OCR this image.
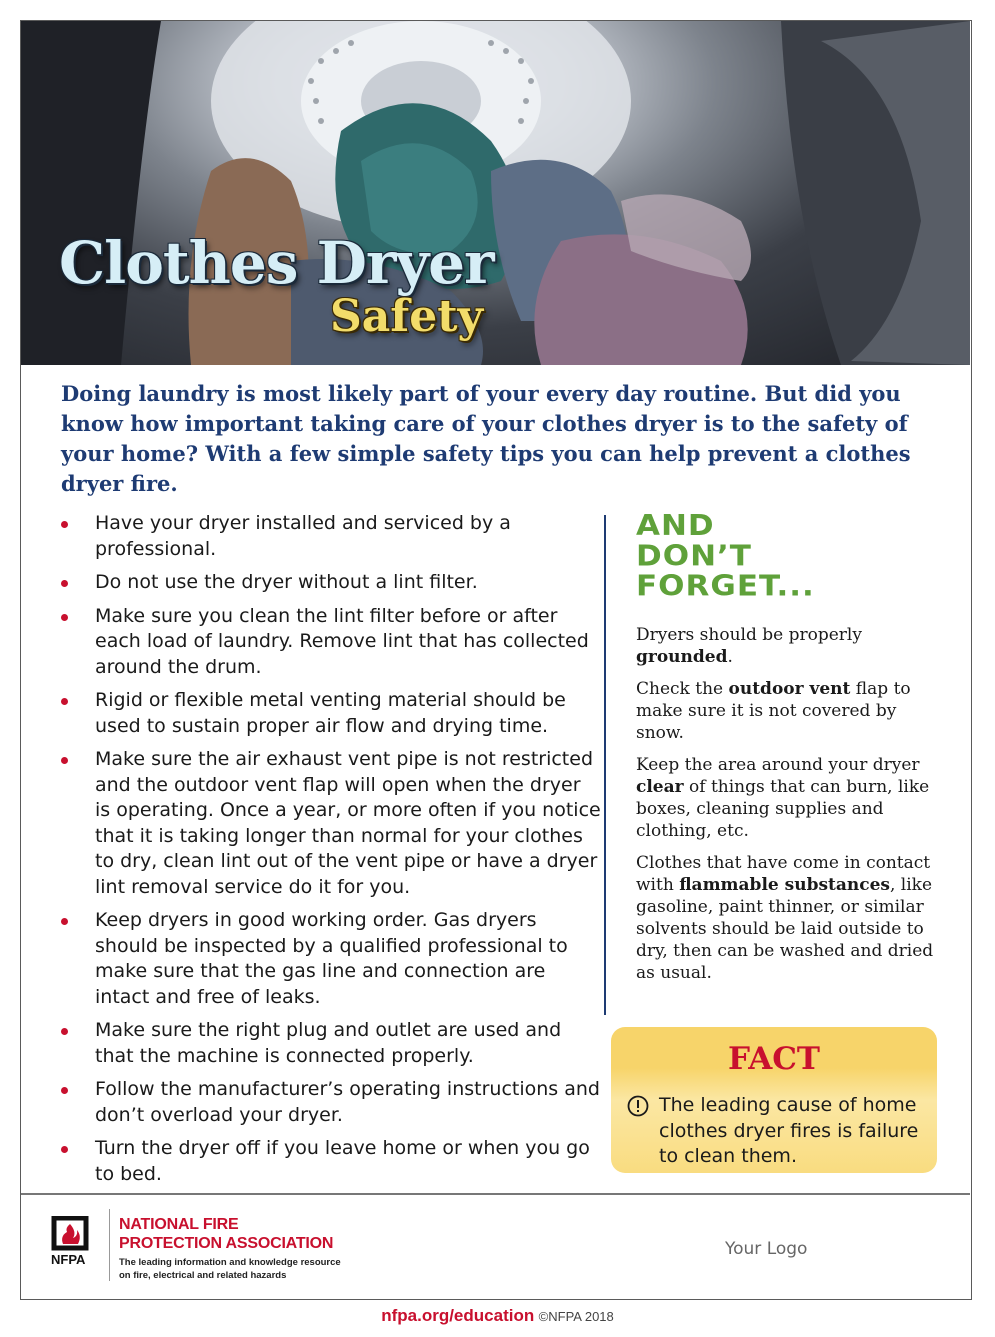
Clothes Dryer
Safety

Doing laundry is most likely part of your every day routine. But did you know how important taking care of your clothes dryer is to the safety of your home? With a few simple safety tips you can help prevent a clothes dryer fire.

Have your dryer installed and serviced by a professional.
Do not use the dryer without a lint filter.
Make sure you clean the lint filter before or after each load of laundry. Remove lint that has collected around the drum.
Rigid or flexible metal venting material should be used to sustain proper air flow and drying time.
Make sure the air exhaust vent pipe is not restricted and the outdoor vent flap will open when the dryer is operating. Once a year, or more often if you notice that it is taking longer than normal for your clothes to dry, clean lint out of the vent pipe or have a dryer lint removal service do it for you.
Keep dryers in good working order. Gas dryers should be inspected by a qualified professional to make sure that the gas line and connection are intact and free of leaks.
Make sure the right plug and outlet are used and that the machine is connected properly.
Follow the manufacturer’s operating instructions and don’t overload your dryer.
Turn the dryer off if you leave home or when you go to bed.
AND
DON’T
FORGET...

Dryers should be properly grounded.

Check the outdoor vent flap to make sure it is not covered by snow.

Keep the area around your dryer clear of things that can burn, like boxes, cleaning supplies and clothing, etc.

Clothes that have come in contact with flammable substances, like gasoline, paint thinner, or similar solvents should be laid outside to dry, then can be washed and dried as usual.

FACT
The leading cause of home clothes dryer fires is failure to clean them.
NFPA
NATIONAL FIRE
PROTECTION ASSOCIATION
The leading information and knowledge resource
on fire, electrical and related hazards
Your Logo
nfpa.org/education ©NFPA 2018
